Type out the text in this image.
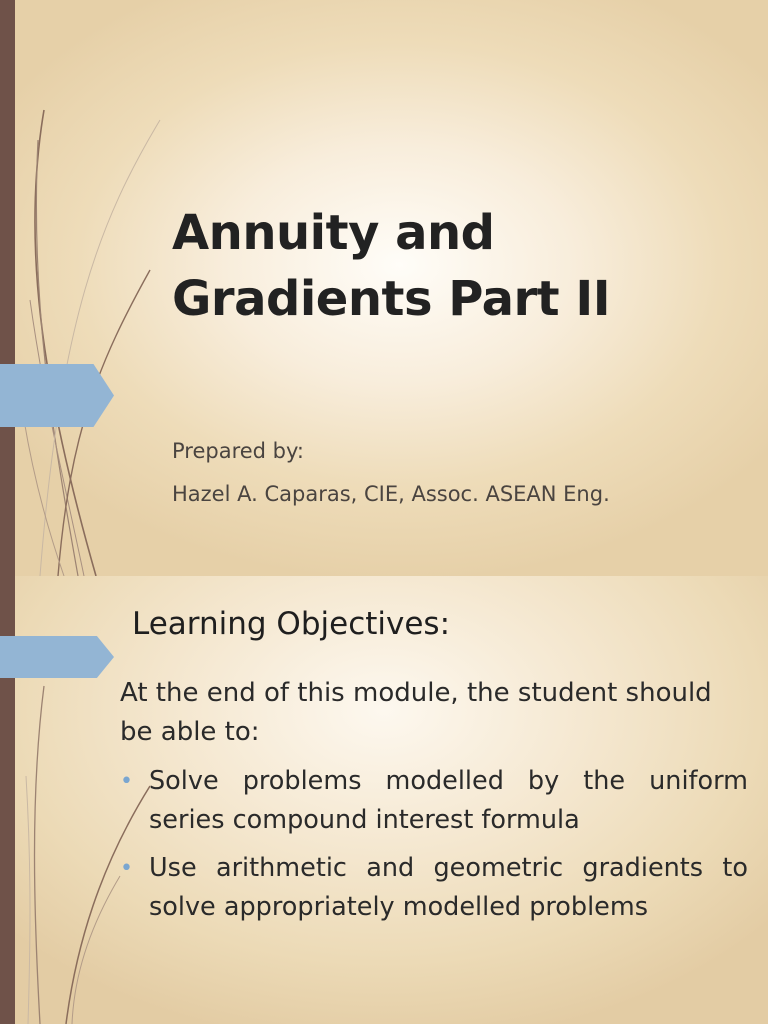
Annuity and
Gradients Part II
Prepared by:
Hazel A. Caparas, CIE, Assoc. ASEAN Eng.
Learning Objectives:
At the end of this module, the student should be able to:
• Solve problems modelled by the uniform series compound interest formula
• Use arithmetic and geometric gradients to solve appropriately modelled problems
